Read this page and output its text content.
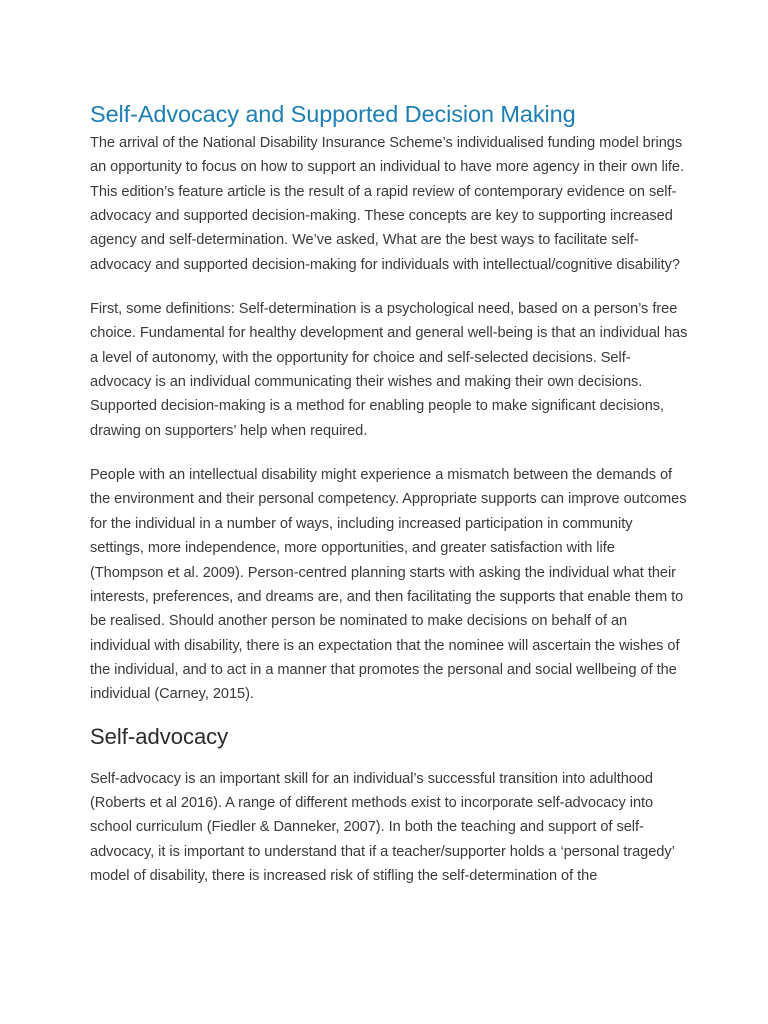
Self-Advocacy and Supported Decision Making

The arrival of the National Disability Insurance Scheme’s individualised funding model brings an opportunity to focus on how to support an individual to have more agency in their own life. This edition’s feature article is the result of a rapid review of contemporary evidence on self-advocacy and supported decision-making. These concepts are key to supporting increased agency and self-determination. We’ve asked, What are the best ways to facilitate self-advocacy and supported decision-making for individuals with intellectual/cognitive disability?

First, some definitions: Self-determination is a psychological need, based on a person’s free choice. Fundamental for healthy development and general well-being is that an individual has a level of autonomy, with the opportunity for choice and self-selected decisions. Self-advocacy is an individual communicating their wishes and making their own decisions. Supported decision-making is a method for enabling people to make significant decisions, drawing on supporters’ help when required.

People with an intellectual disability might experience a mismatch between the demands of the environment and their personal competency. Appropriate supports can improve outcomes for the individual in a number of ways, including increased participation in community settings, more independence, more opportunities, and greater satisfaction with life (Thompson et al. 2009). Person-centred planning starts with asking the individual what their interests, preferences, and dreams are, and then facilitating the supports that enable them to be realised. Should another person be nominated to make decisions on behalf of an individual with disability, there is an expectation that the nominee will ascertain the wishes of the individual, and to act in a manner that promotes the personal and social wellbeing of the individual (Carney, 2015).

Self-advocacy

Self-advocacy is an important skill for an individual’s successful transition into adulthood (Roberts et al 2016). A range of different methods exist to incorporate self-advocacy into school curriculum (Fiedler & Danneker, 2007). In both the teaching and support of self-advocacy, it is important to understand that if a teacher/supporter holds a ‘personal tragedy’ model of disability, there is increased risk of stifling the self-determination of the
